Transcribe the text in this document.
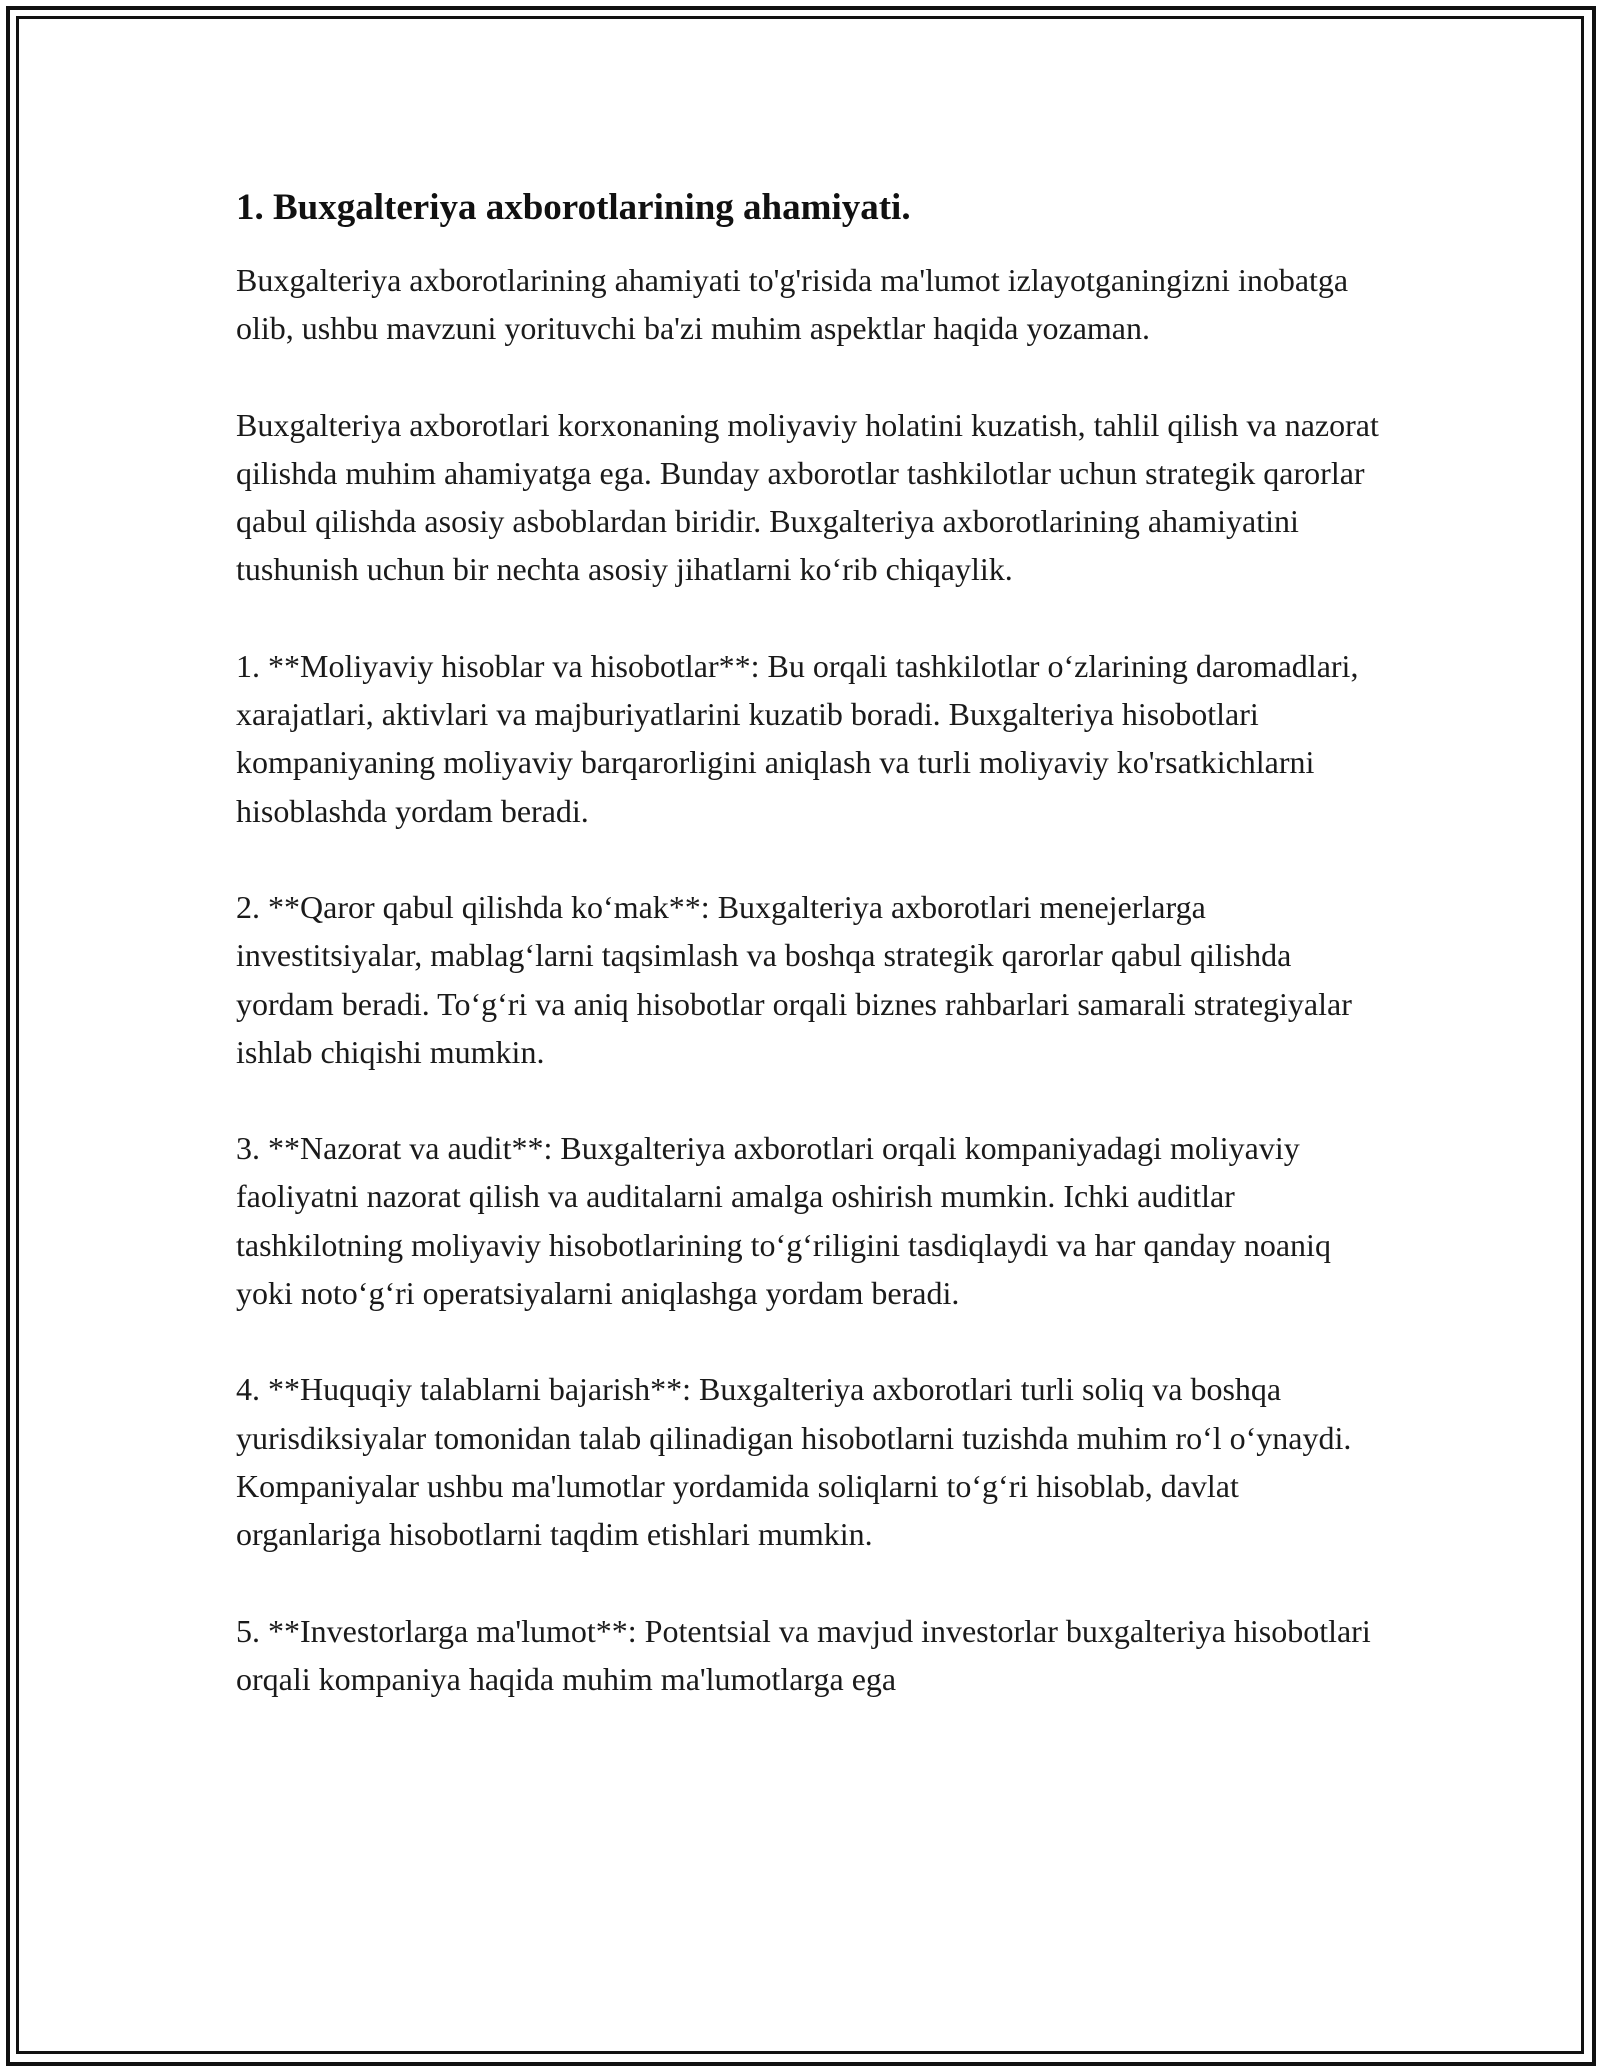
1. Buxgalteriya axborotlarining ahamiyati.

Buxgalteriya axborotlarining ahamiyati to'g'risida ma'lumot izlayotganingizni inobatga olib, ushbu mavzuni yorituvchi ba'zi muhim aspektlar haqida yozaman.

Buxgalteriya axborotlari korxonaning moliyaviy holatini kuzatish, tahlil qilish va nazorat qilishda muhim ahamiyatga ega. Bunday axborotlar tashkilotlar uchun strategik qarorlar qabul qilishda asosiy asboblardan biridir. Buxgalteriya axborotlarining ahamiyatini tushunish uchun bir nechta asosiy jihatlarni koʻrib chiqaylik.

1. **Moliyaviy hisoblar va hisobotlar**: Bu orqali tashkilotlar oʻzlarining daromadlari, xarajatlari, aktivlari va majburiyatlarini kuzatib boradi. Buxgalteriya hisobotlari kompaniyaning moliyaviy barqarorligini aniqlash va turli moliyaviy ko'rsatkichlarni hisoblashda yordam beradi.

2. **Qaror qabul qilishda koʻmak**: Buxgalteriya axborotlari menejerlarga investitsiyalar, mablagʻlarni taqsimlash va boshqa strategik qarorlar qabul qilishda yordam beradi. Toʻgʻri va aniq hisobotlar orqali biznes rahbarlari samarali strategiyalar ishlab chiqishi mumkin.

3. **Nazorat va audit**: Buxgalteriya axborotlari orqali kompaniyadagi moliyaviy faoliyatni nazorat qilish va auditalarni amalga oshirish mumkin. Ichki auditlar tashkilotning moliyaviy hisobotlarining toʻgʻriligini tasdiqlaydi va har qanday noaniq yoki notoʻgʻri operatsiyalarni aniqlashga yordam beradi.

4. **Huquqiy talablarni bajarish**: Buxgalteriya axborotlari turli soliq va boshqa yurisdiksiyalar tomonidan talab qilinadigan hisobotlarni tuzishda muhim roʻl oʻynaydi. Kompaniyalar ushbu ma'lumotlar yordamida soliqlarni toʻgʻri hisoblab, davlat organlariga hisobotlarni taqdim etishlari mumkin.

5. **Investorlarga ma'lumot**: Potentsial va mavjud investorlar buxgalteriya hisobotlari orqali kompaniya haqida muhim ma'lumotlarga ega
